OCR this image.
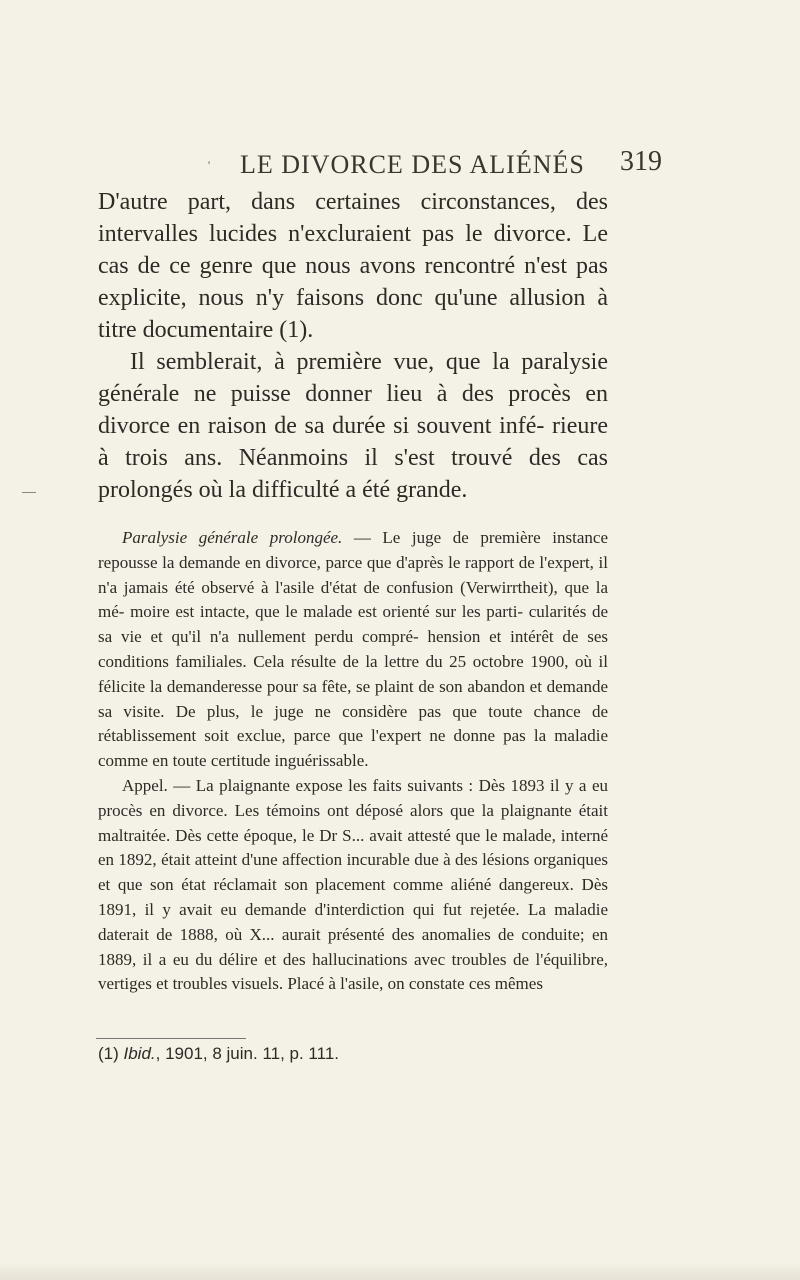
' LE DIVORCE DES ALIÉNÉS	319

D'autre part, dans certaines circonstances, des intervalles lucides n'excluraient pas le divorce. Le cas de ce genre que nous avons rencontré n'est pas explicite, nous n'y faisons donc qu'une allusion à titre documentaire (1).

Il semblerait, à première vue, que la paralysie générale ne puisse donner lieu à des procès en divorce en raison de sa durée si souvent infé- rieure à trois ans. Néanmoins il s'est trouvé des cas prolongés où la difficulté a été grande.

Paralysie générale prolongée. — Le juge de première instance repousse la demande en divorce, parce que d'après le rapport de l'expert, il n'a jamais été observé à l'asile d'état de confusion (Verwirrtheit), que la mé- moire est intacte, que le malade est orienté sur les parti- cularités de sa vie et qu'il n'a nullement perdu compré- hension et intérêt de ses conditions familiales. Cela résulte de la lettre du 25 octobre 1900, où il félicite la demanderesse pour sa fête, se plaint de son abandon et demande sa visite. De plus, le juge ne considère pas que toute chance de rétablissement soit exclue, parce que l'expert ne donne pas la maladie comme en toute certitude inguérissable.

Appel. — La plaignante expose les faits suivants : Dès 1893 il y a eu procès en divorce. Les témoins ont déposé alors que la plaignante était maltraitée. Dès cette époque, le Dr S... avait attesté que le malade, interné en 1892, était atteint d'une affection incurable due à des lésions organiques et que son état réclamait son placement comme aliéné dangereux. Dès 1891, il y avait eu demande d'interdiction qui fut rejetée. La maladie daterait de 1888, où X... aurait présenté des anomalies de conduite; en 1889, il a eu du délire et des hallucinations avec troubles de l'équilibre, vertiges et troubles visuels. Placé à l'asile, on constate ces mêmes

(1) Ibid., 1901, 8 juin. 11, p. 111.
